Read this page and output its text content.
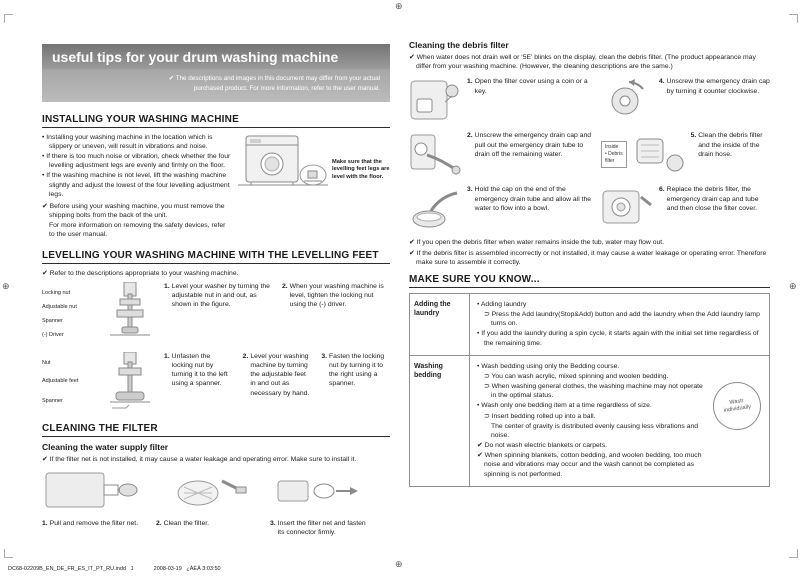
⊕
⊕
⊕	⊕
useful tips for your drum washing machine
✔ The descriptions and images in this document may differ from your actual
purchased product. For more information, refer to the user manual.
INSTALLING YOUR WASHING MACHINE
• Installing your washing machine in the location which is slippery or uneven, will result in vibrations and noise.
• If there is too much noise or vibration, check whether the four levelling adjustment legs are evenly and firmly on the floor.
• If the washing machine is not level, lift the washing machine slightly and adjust the lowest of the four levelling adjustment legs.
✔ Before using your washing machine, you must remove the shipping bolts from the back of the unit.
For more information on removing the safety devices, refer to the user manual.
Make sure that the levelling feet legs are level with the floor.
LEVELLING YOUR WASHING MACHINE WITH THE LEVELLING FEET
✔ Refer to the descriptions appropriate to your washing machine.
Locking nut
Adjustable nut
Spanner
(-) Driver
1. Level your washer by turning the adjustable nut in and out, as shown in the figure.
2. When your washing machine is level, tighten the locking nut using the (-) driver.
Nut
Adjustable feet
Spanner
1. Unfasten the locking nut by turning it to the left using a spanner.
2. Level your washing machine by turning the adjustable feet in and out as necessary by hand.
3. Fasten the locking nut by turning it to the right using a spanner.
CLEANING THE FILTER
Cleaning the water supply filter
✔ If the filter net is not installed, it may cause a water leakage and operating error. Make sure to install it.
1. Pull and remove the filter net.	2. Clean the filter.	3. Insert the filter net and fasten its connector firmly.
Cleaning the debris filter
✔ When water does not drain well or ‘5E’ blinks on the display, clean the debris filter. (The product appearance may differ from your washing machine. (However, the cleaning descriptions are the same.)
1. Open the filter cover using a coin or a key.
4. Unscrew the emergency drain cap by turning it counter clockwise.
2. Unscrew the emergency drain cap and pull out the emergency drain tube to drain off the remaining water.
Inside
• Debris
filter
5. Clean the debris filter and the inside of the drain hose.
3. Hold the cap on the end of the emergency drain tube and allow all the water to flow into a bowl.
6. Replace the debris filter, the emergency drain cap and tube and then close the filter cover.
✔ If you open the debris filter when water remains inside the tub, water may flow out.
✔ If the debris filter is assembled incorrectly or not installed, it may cause a water leakage or operating error. Therefore make sure to assemble it correctly.
MAKE SURE YOU KNOW...
Adding the laundry
• Adding laundry
⊃ Press the Add laundry(Stop&Add) button and add the laundry when the Add laundry lamp turns on.
• If you add the laundry during a spin cycle, it starts again with the initial set time regardless of the remaining time.
Washing bedding
• Wash bedding using only the Bedding course.
⊃ You can wash acrylic, mixed spinning and woolen bedding.
⊃ When washing general clothes, the washing machine may not operate in the optimal status.
• Wash only one bedding item at a time regardless of size.
⊃ Insert bedding rolled up into a ball.
The center of gravity is distributed evenly causing less vibrations and noise.
✔ Do not wash electric blankets or carpets.
✔ When spinning blankets, cotton bedding, and woolen bedding, too much noise and vibrations may occur and the wash cannot be completed as spinning is not performed.
Wash individually
DC68-02209B_EN_DE_FR_ES_IT_PT_RU.indd   1	2008-03-19   ¿ÀÈÄ 3:03:50
